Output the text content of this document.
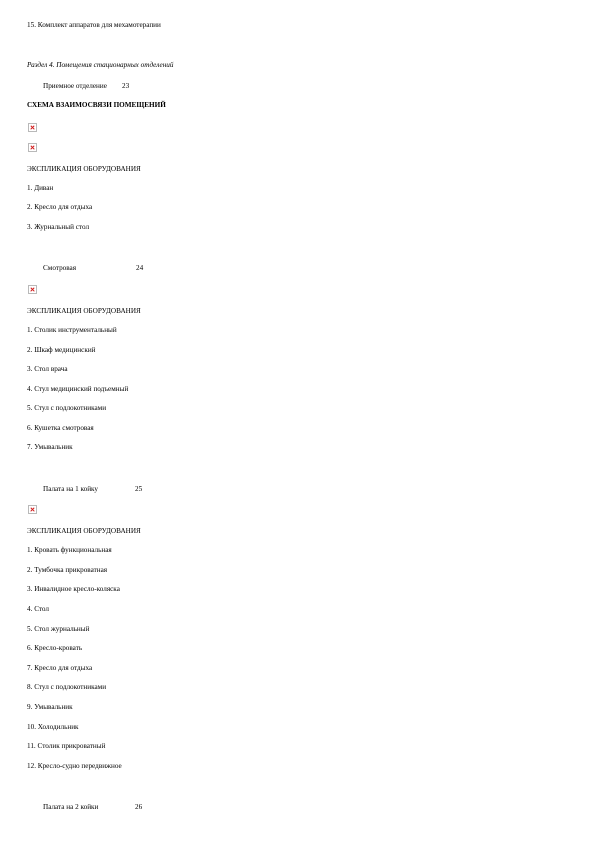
15. Комплект аппаратов для мехамотерапии
Раздел 4. Помещения стационарных отделений
Приемное отделение 23
СХЕМА ВЗАИМОСВЯЗИ ПОМЕЩЕНИЙ
ЭКСПЛИКАЦИЯ ОБОРУДОВАНИЯ
1. Диван
2. Кресло для отдыха
3. Журнальный стол
Смотровая	24
ЭКСПЛИКАЦИЯ ОБОРУДОВАНИЯ
1. Столик инструментальный
2. Шкаф медицинский
3. Стол врача
4. Стул медицинский подъемный
5. Стул с подлокотниками
6. Кушетка смотровая
7. Умывальник
Палата на 1 койку	25
ЭКСПЛИКАЦИЯ ОБОРУДОВАНИЯ
1. Кровать функциональная
2. Тумбочка прикроватная
3. Инвалидное кресло-коляска
4. Стол
5. Стол журнальный
6. Кресло-кровать
7. Кресло для отдыха
8. Стул с подлокотниками
9. Умывальник
10. Холодильник
11. Столик прикроватный
12. Кресло-судно передвижное
Палата на 2 койки	26
